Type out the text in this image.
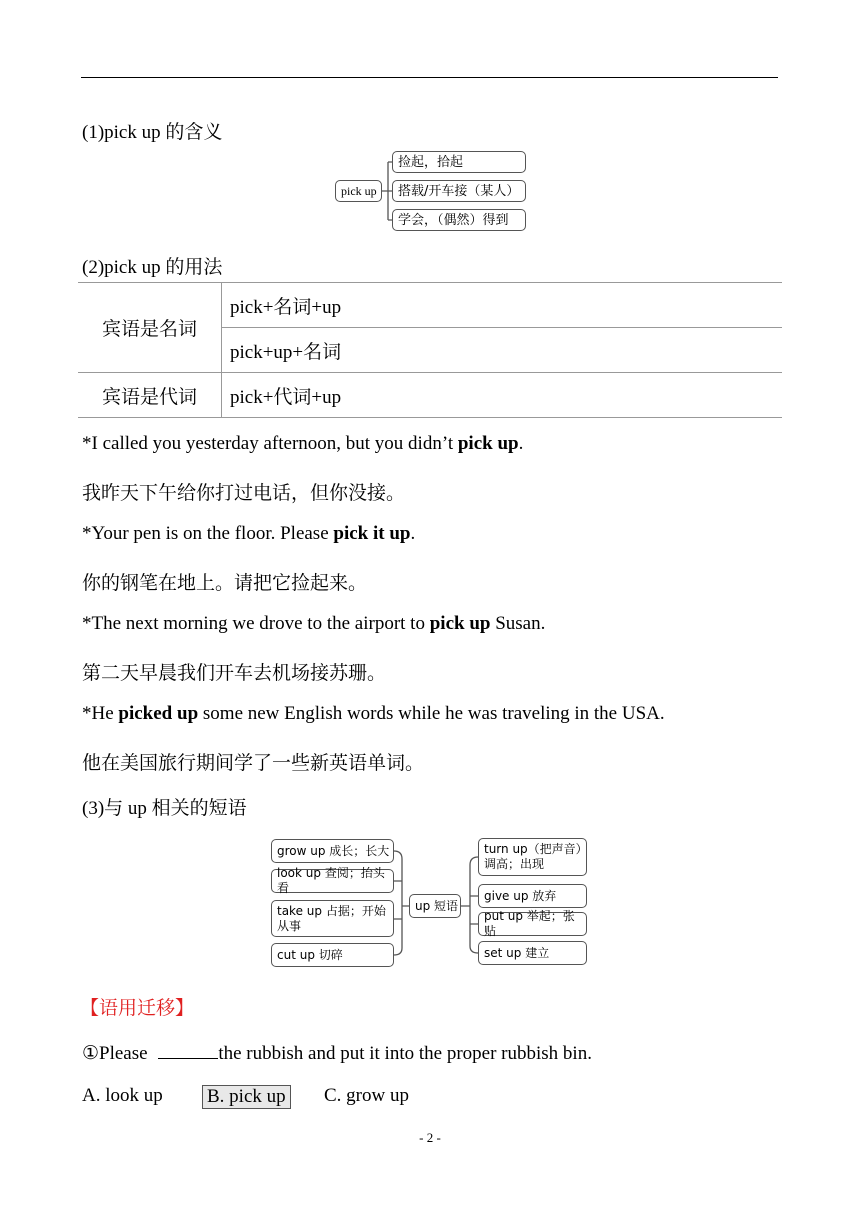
(1)pick up 的含义
pick up
捡起，拾起
搭载/开车接（某人）
学会，（偶然）得到
(2)pick up 的用法
宾语是名词	pick+名词+up
	pick+up+名词
宾语是代词	pick+代词+up
*I called you yesterday afternoon, but you didn’t pick up.
我昨天下午给你打过电话，但你没接。
*Your pen is on the floor. Please pick it up.
你的钢笔在地上。请把它捡起来。
*The next morning we drove to the airport to pick up Susan.
第二天早晨我们开车去机场接苏珊。
*He picked up some new English words while he was traveling in the USA.
他在美国旅行期间学了一些新英语单词。
(3)与 up 相关的短语
grow up 成长；长大
look up 查阅；抬头看
take up 占据；开始从事
cut up 切碎
up 短语
turn up（把声音）调高；出现
give up 放弃
put up 举起；张贴
set up 建立
【语用迁移】
①Please	the rubbish and put it into the proper rubbish bin.
A. look up B. pick up C. grow up
- 2 -
